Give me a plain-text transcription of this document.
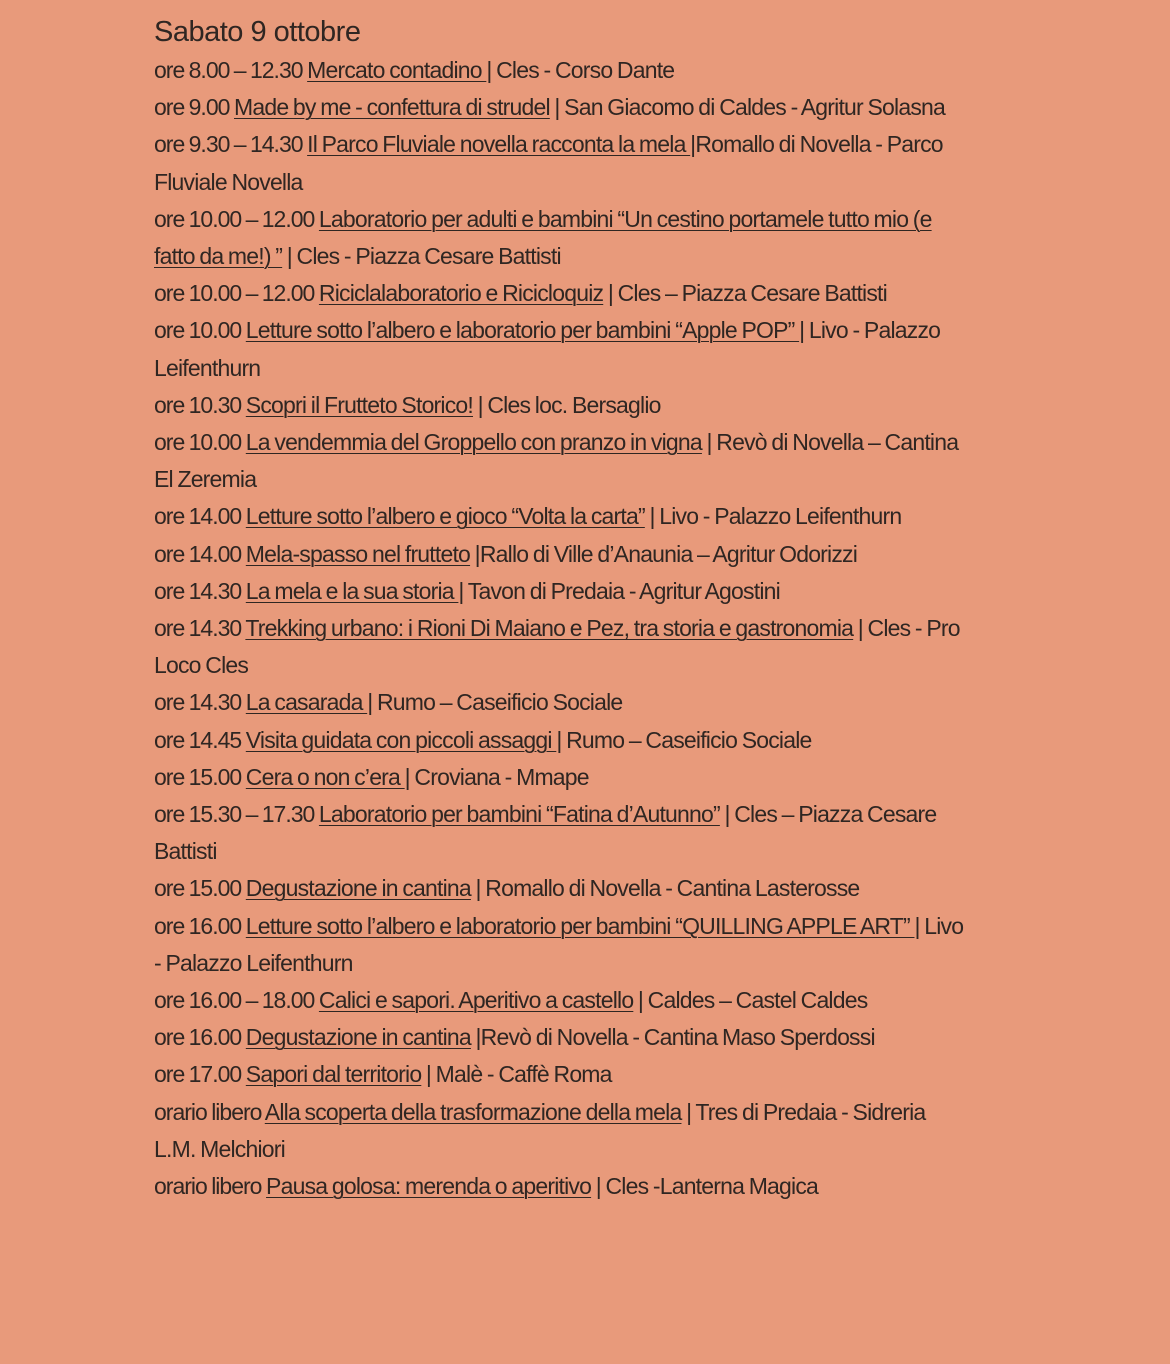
Sabato 9 ottobre
ore 8.00 – 12.30 Mercato contadino | Cles - Corso Dante
ore 9.00 Made by me - confettura di strudel | San Giacomo di Caldes - Agritur Solasna
ore 9.30 – 14.30 Il Parco Fluviale novella racconta la mela |Romallo di Novella - Parco Fluviale Novella
ore 10.00 – 12.00 Laboratorio per adulti e bambini “Un cestino portamele tutto mio (e fatto da me!) ” | Cles - Piazza Cesare Battisti
ore 10.00 – 12.00 Riciclalaboratorio e Ricicloquiz | Cles – Piazza Cesare Battisti
ore 10.00 Letture sotto l’albero e laboratorio per bambini “Apple POP” | Livo - Palazzo Leifenthurn
ore 10.30 Scopri il Frutteto Storico! | Cles loc. Bersaglio
ore 10.00 La vendemmia del Groppello con pranzo in vigna | Revò di Novella – Cantina El Zeremia
ore 14.00 Letture sotto l’albero e gioco “Volta la carta” | Livo - Palazzo Leifenthurn
ore 14.00 Mela-spasso nel frutteto |Rallo di Ville d’Anaunia – Agritur Odorizzi
ore 14.30 La mela e la sua storia | Tavon di Predaia - Agritur Agostini
ore 14.30 Trekking urbano: i Rioni Di Maiano e Pez, tra storia e gastronomia | Cles - Pro Loco Cles
ore 14.30 La casarada | Rumo – Caseificio Sociale
ore 14.45 Visita guidata con piccoli assaggi | Rumo – Caseificio Sociale
ore 15.00 Cera o non c’era | Croviana - Mmape
ore 15.30 – 17.30 Laboratorio per bambini “Fatina d’Autunno” | Cles – Piazza Cesare Battisti
ore 15.00 Degustazione in cantina | Romallo di Novella - Cantina Lasterosse
ore 16.00 Letture sotto l’albero e laboratorio per bambini “QUILLING APPLE ART” | Livo - Palazzo Leifenthurn
ore 16.00 – 18.00 Calici e sapori. Aperitivo a castello | Caldes – Castel Caldes
ore 16.00 Degustazione in cantina |Revò di Novella - Cantina Maso Sperdossi
ore 17.00 Sapori dal territorio | Malè - Caffè Roma
orario libero Alla scoperta della trasformazione della mela | Tres di Predaia - Sidreria L.M. Melchiori
orario libero Pausa golosa: merenda o aperitivo | Cles -Lanterna Magica
